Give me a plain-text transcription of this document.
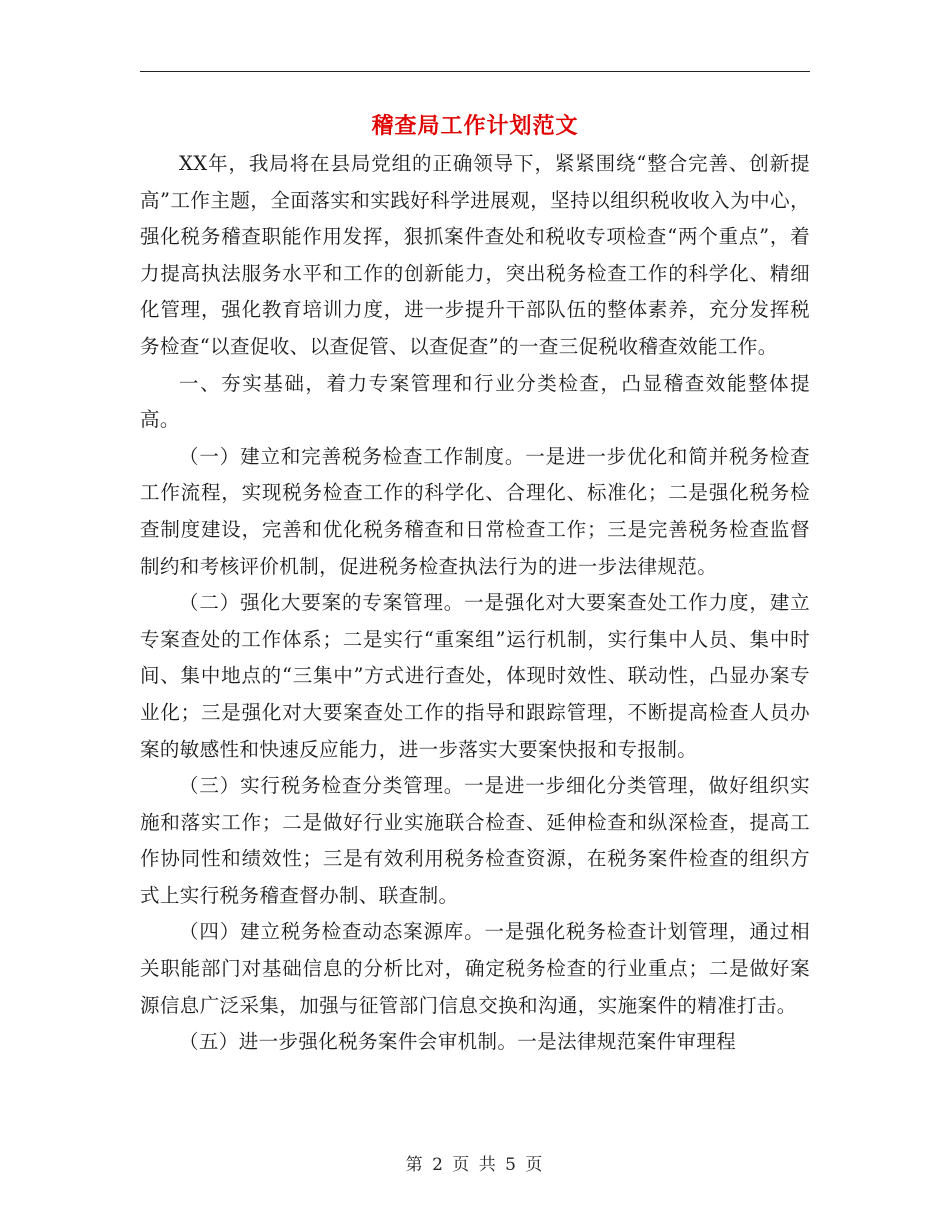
稽查局工作计划范文

XX年，我局将在县局党组的正确领导下，紧紧围绕“整合完善、创新提高”工作主题，全面落实和实践好科学进展观，坚持以组织税收收入为中心，强化税务稽查职能作用发挥，狠抓案件查处和税收专项检查“两个重点”，着力提高执法服务水平和工作的创新能力，突出税务检查工作的科学化、精细化管理，强化教育培训力度，进一步提升干部队伍的整体素养，充分发挥税务检查“以查促收、以查促管、以查促查”的一查三促税收稽查效能工作。

一、夯实基础，着力专案管理和行业分类检查，凸显稽查效能整体提高。

（一）建立和完善税务检查工作制度。一是进一步优化和简并税务检查工作流程，实现税务检查工作的科学化、合理化、标准化；二是强化税务检查制度建设，完善和优化税务稽查和日常检查工作；三是完善税务检查监督制约和考核评价机制，促进税务检查执法行为的进一步法律规范。

（二）强化大要案的专案管理。一是强化对大要案查处工作力度，建立专案查处的工作体系；二是实行“重案组”运行机制，实行集中人员、集中时间、集中地点的“三集中”方式进行查处，体现时效性、联动性，凸显办案专业化；三是强化对大要案查处工作的指导和跟踪管理，不断提高检查人员办案的敏感性和快速反应能力，进一步落实大要案快报和专报制。

（三）实行税务检查分类管理。一是进一步细化分类管理，做好组织实施和落实工作；二是做好行业实施联合检查、延伸检查和纵深检查，提高工作协同性和绩效性；三是有效利用税务检查资源，在税务案件检查的组织方式上实行税务稽查督办制、联查制。

（四）建立税务检查动态案源库。一是强化税务检查计划管理，通过相关职能部门对基础信息的分析比对，确定税务检查的行业重点；二是做好案源信息广泛采集，加强与征管部门信息交换和沟通，实施案件的精准打击。

（五）进一步强化税务案件会审机制。一是法律规范案件审理程

第 2 页 共 5 页
